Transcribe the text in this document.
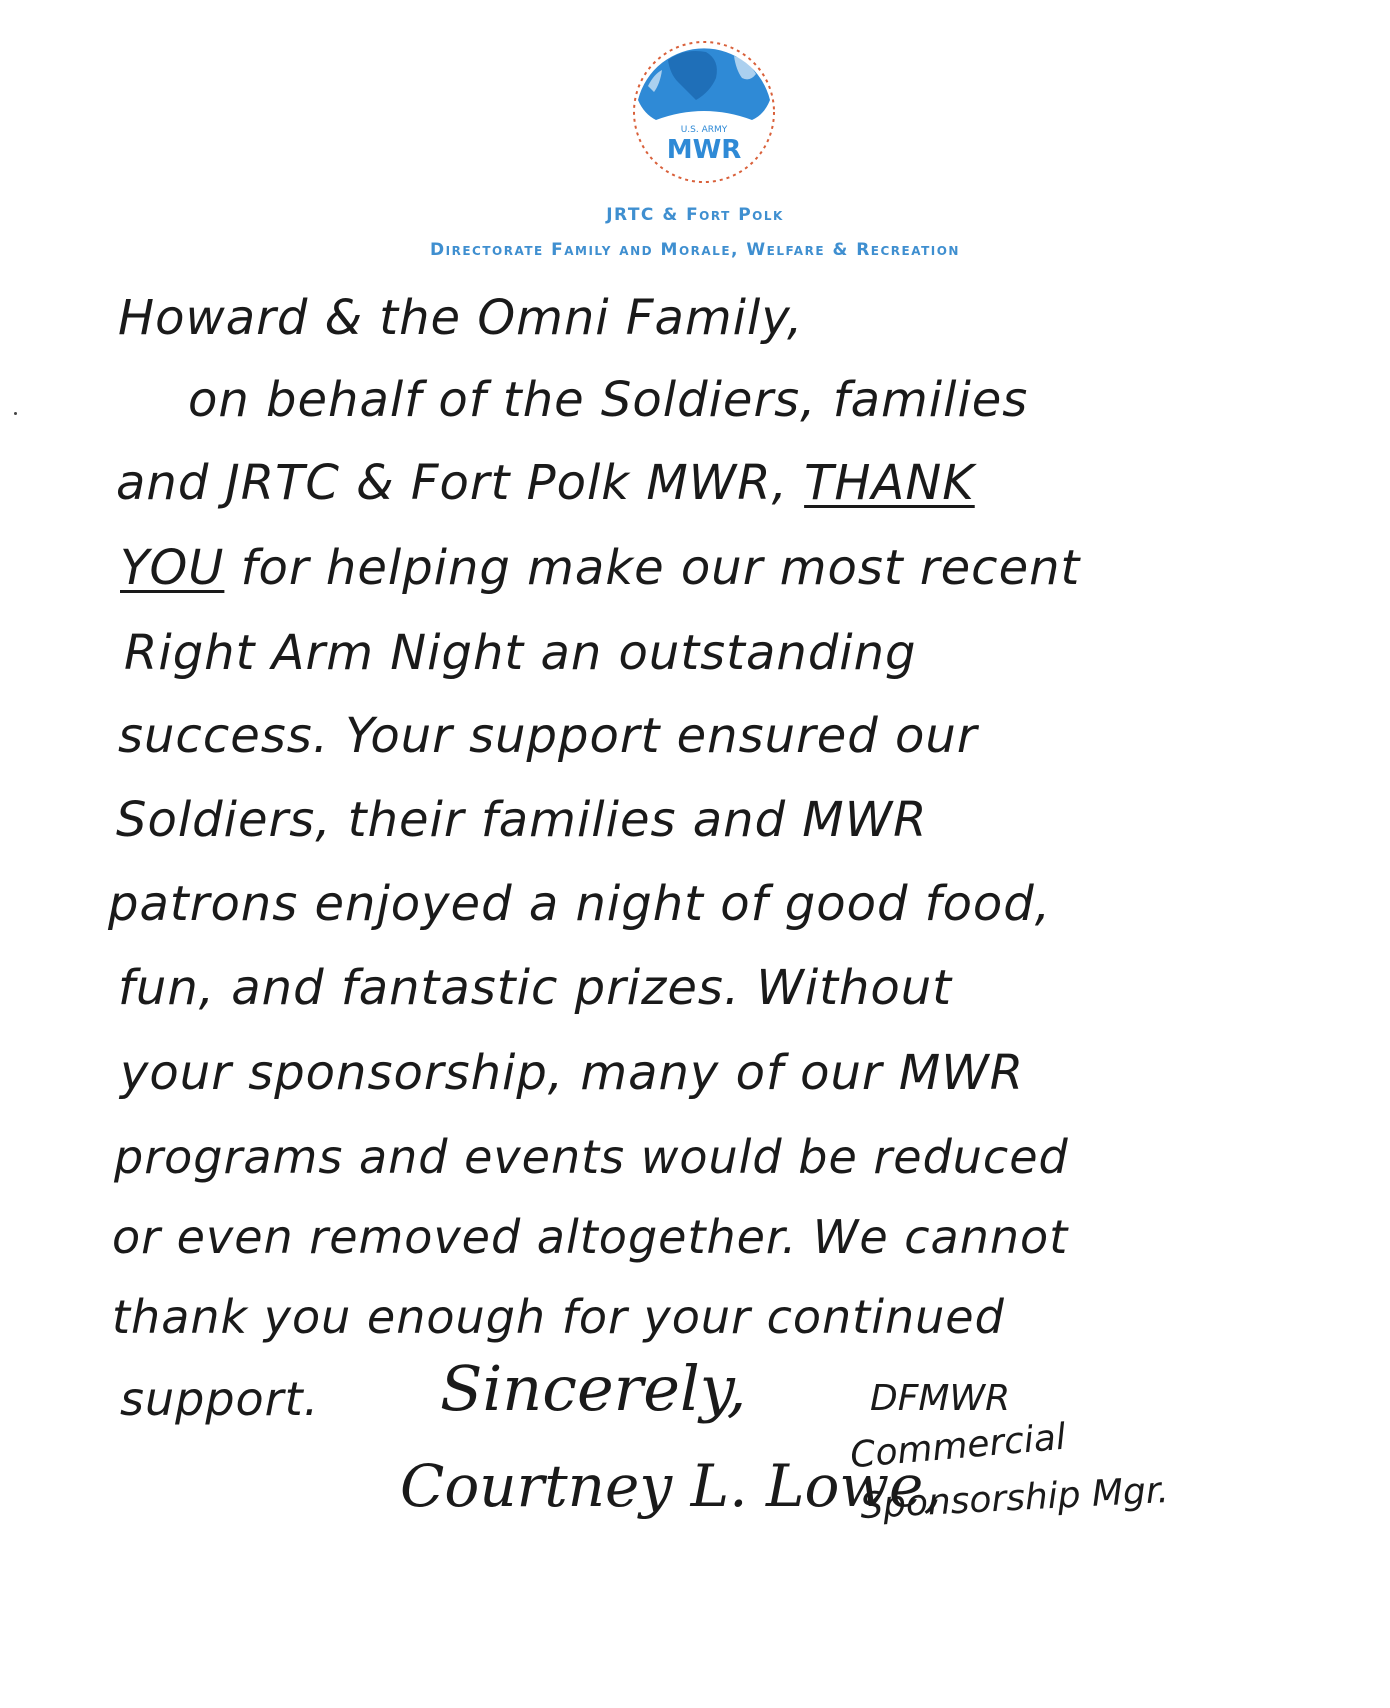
U.S. ARMY
MWR
JRTC & Fort Polk
Directorate Family and Morale, Welfare & Recreation
Howard & the Omni Family,
on behalf of the Soldiers, families
and JRTC & Fort Polk MWR, THANK
YOU for helping make our most recent
Right Arm Night an outstanding
success. Your support ensured our
Soldiers, their families and MWR
patrons enjoyed a night of good food,
fun, and fantastic prizes. Without
your sponsorship, many of our MWR
programs and events would be reduced
or even removed altogether. We cannot
thank you enough for your continued
support. Sincerely,
Courtney L. Lowe,
DFMWR
Commercial
Sponsorship Mgr.
